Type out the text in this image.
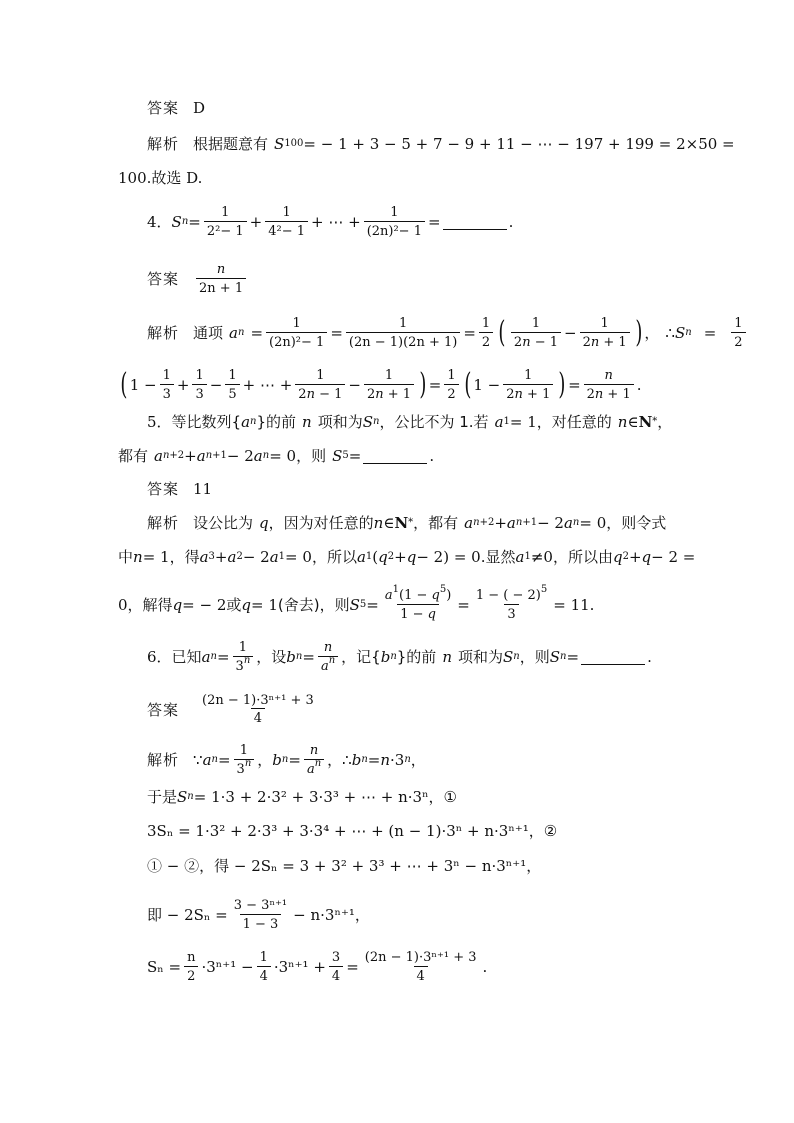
答案 D
解析 根据题意有 S 100 = − 1 + 3 − 5 + 7 − 9 + 11 − ⋯ − 197 + 199 = 2×50 =
100.故选 D.
4． S $n = \frac{1}{\text{2²− 1}} + \frac{1}{\text{4²− 1}}$ + ⋯ + $\frac{1}{\text{(2n)²− 1}}$ =	.
答案 $\frac{n}{2n + 1}$
解析 通项 a $n = \frac{1}{\text{(2n)²− 1}} = \frac{1}{(2n - 1)(2n + 1)} = \frac{1}{2}$ ( $\frac{1}{2n - 1} - \frac{1}{2n + 1}$ ) ， ∴ S $n = \frac{1}{2}$
( $1 - \frac{1}{3} + \frac{1}{3} - \frac{1}{5}$ + ⋯ + $\frac{1}{2n - 1} - \frac{1}{2n + 1}$ ) = $\frac{1}{2}$ ( $1 - \frac{1}{2n + 1}$ ) = $\frac{n}{2n + 1}$ .
5． 等比数列{ a n }的前 n 项和为 S n ，公比不为 1.若 a 1 = 1 ，对任意的 n ∈ N * ，
都有 a n+2 + a n+1 − 2 a n = 0 ，则 S 5 =	.
答案 11
解析 设公比为 q ，因为对任意的 n ∈ N * ，都有 a n+2 + a n+1 − 2 a n = 0 ，则令式
中 n = 1 ，得 a 3 + a 2 − 2 a 1 = 0 ，所以 a 1 ( q 2 + q − 2) = 0. 显然 a 1 ≠0 ，所以由 q 2 + q − 2 =
0 ，解得 q = − 2 或 q = 1 (舍去)，则 S $5 = \frac{a^1(1 - q^5)}{1 - q} = \frac{1 - ( - 2)^5}{3} = 11$.
6． 已知 a $n = \frac{1}{3^n}$ ，设 b $n = \frac{n}{a^n}$ ，记{ b n }的前 n 项和为 S n ，则 S n =	.
答案 $\frac{\text{(2n − 1)·3ⁿ⁺¹ + 3}}{4}$
解析 ∵ a $n = \frac{1}{3^n}$ ， b $n = \frac{n}{a^n}$ ， ∴ b n = n ·3 n ，
于是 S n = 1·3 + 2·3² + 3·3³ + ⋯ + n·3ⁿ，①
3Sₙ = 1·3² + 2·3³ + 3·3⁴ + ⋯ + (n − 1)·3ⁿ + n·3ⁿ⁺¹，②
① − ②，得 − 2Sₙ = 3 + 3² + 3³ + ⋯ + 3ⁿ − n·3ⁿ⁺¹，
即 − $2S_n = \frac{\text{3 − 3ⁿ⁺¹}}{1 - 3} - n\cdot 3^{n+1}$，
$S_n = \frac{n}{2} \cdot 3^{n+1} - \frac{1}{4} \cdot 3^{n+1} + \frac{3}{4} = \frac{\text{(2n − 1)·3ⁿ⁺¹ + 3}}{4}$ .
